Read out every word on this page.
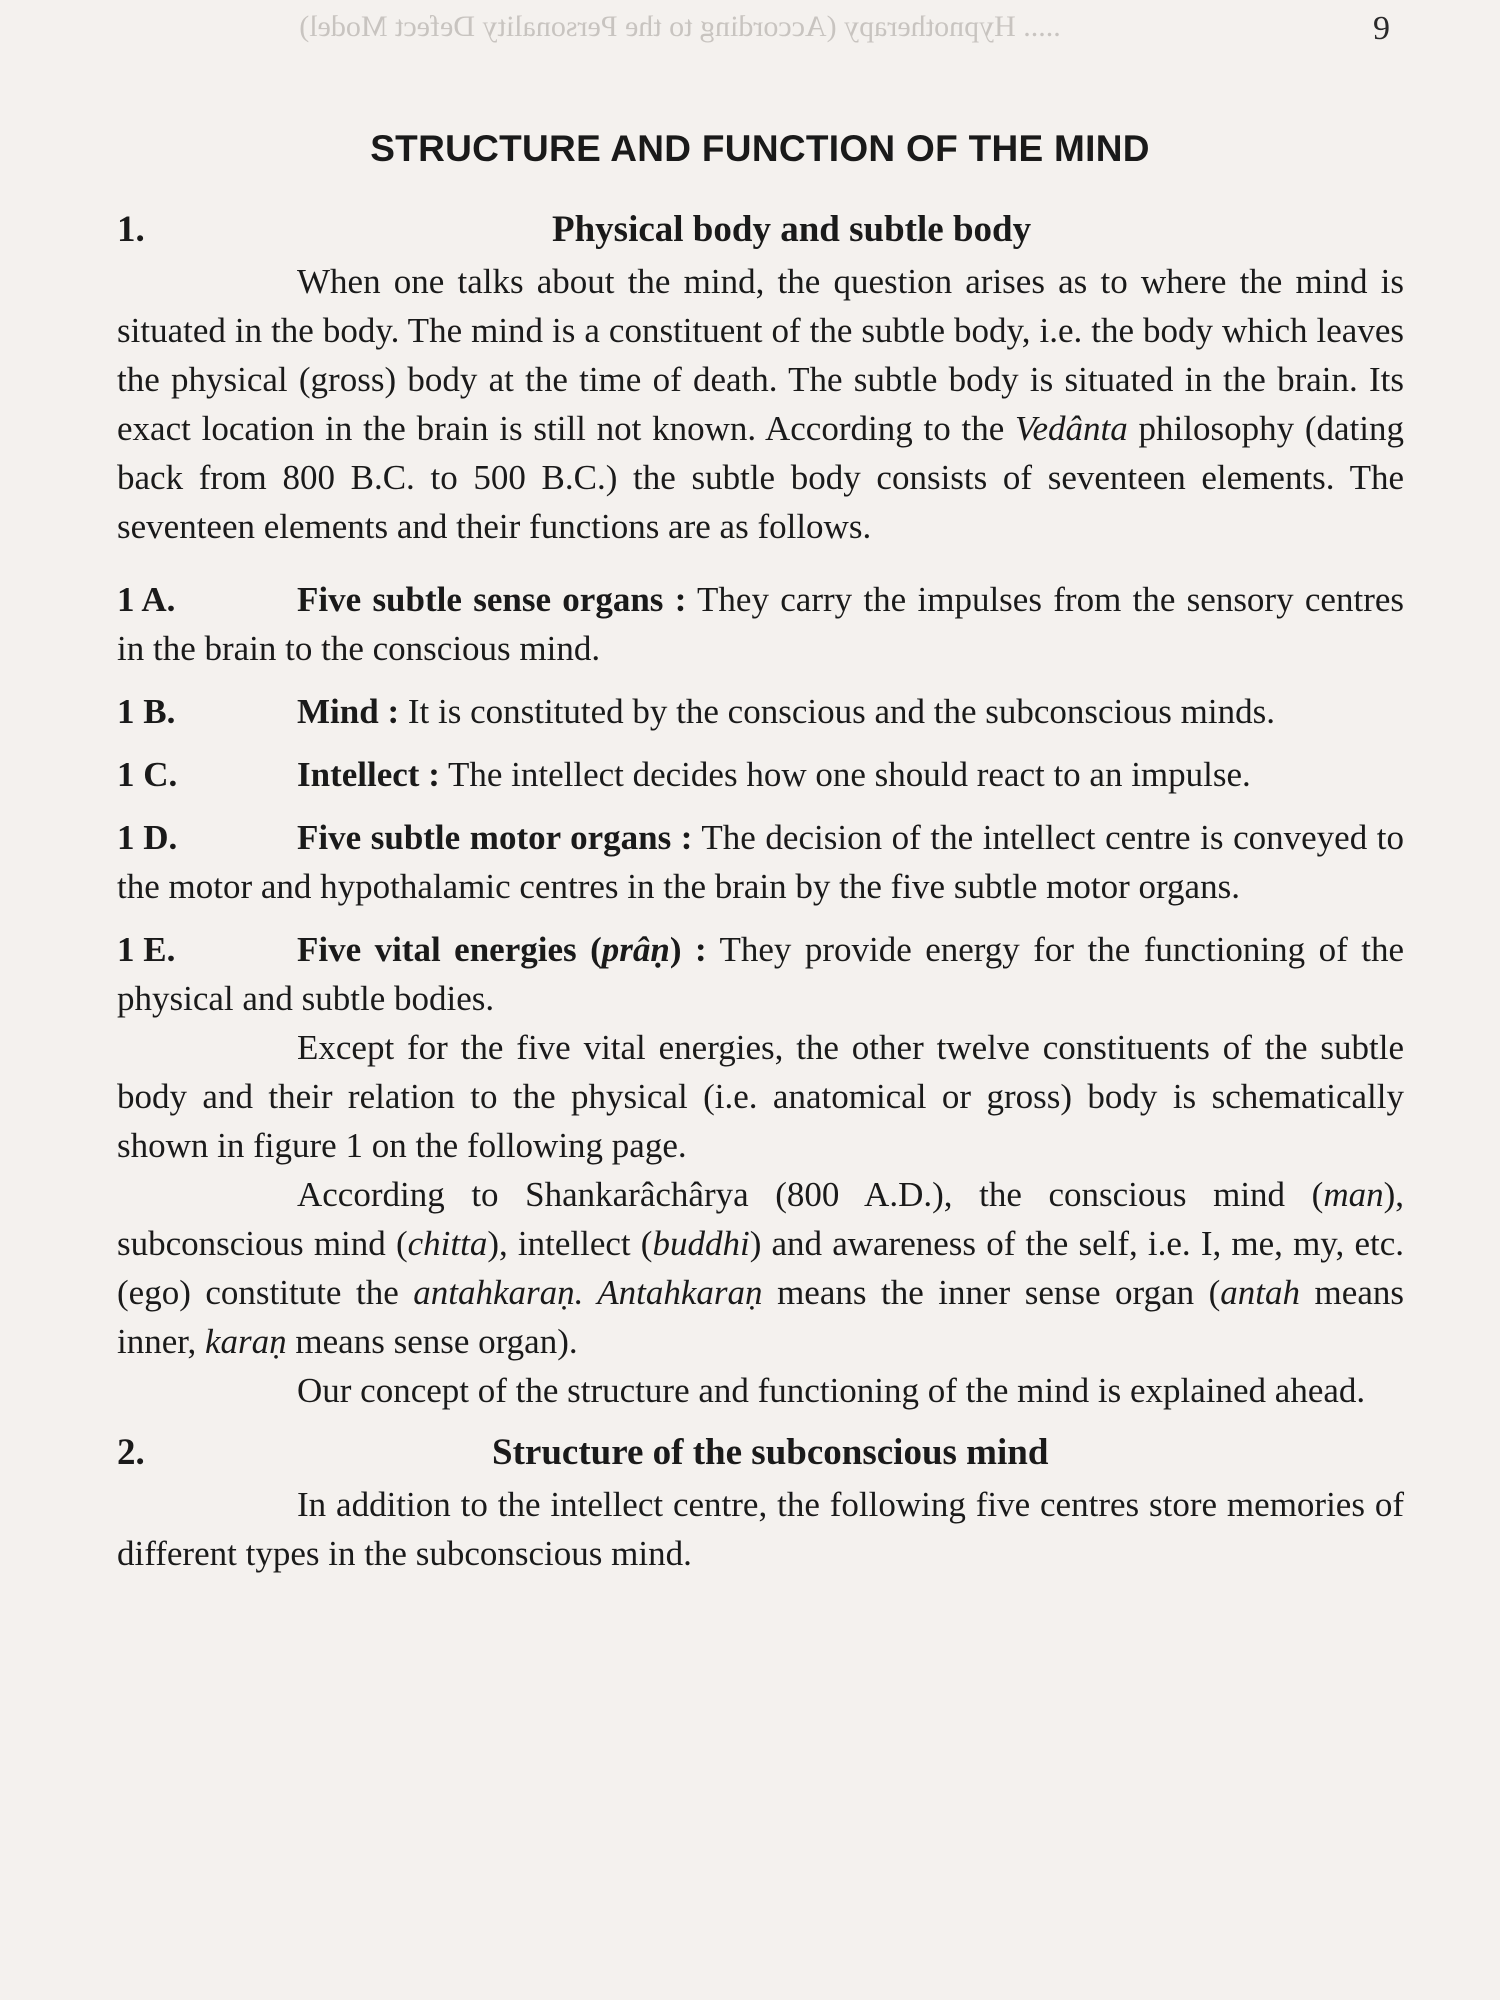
..... Hypnotherapy (According to the Personality Defect Model)	9
STRUCTURE AND FUNCTION OF THE MIND
1.	Physical body and subtle body

When one talks about the mind, the question arises as to where the mind is situated in the body. The mind is a constituent of the subtle body, i.e. the body which leaves the physical (gross) body at the time of death. The subtle body is situated in the brain. Its exact location in the brain is still not known. According to the Vedânta philosophy (dating back from 800 B.C. to 500 B.C.) the subtle body consists of seventeen elements. The seventeen elements and their functions are as follows.

1 A.	Five subtle sense organs : They carry the impulses from the sensory centres in the brain to the conscious mind.
1 B.	Mind : It is constituted by the conscious and the subconscious minds.
1 C.	Intellect : The intellect decides how one should react to an impulse.
1 D.	Five subtle motor organs : The decision of the intellect centre is conveyed to the motor and hypothalamic centres in the brain by the five subtle motor organs.
1 E.	Five vital energies (prâṇ) : They provide energy for the functioning of the physical and subtle bodies.

Except for the five vital energies, the other twelve constituents of the subtle body and their relation to the physical (i.e. anatomical or gross) body is schematically shown in figure 1 on the following page.

According to Shankarâchârya (800 A.D.), the conscious mind (man), subconscious mind (chitta), intellect (buddhi) and awareness of the self, i.e. I, me, my, etc. (ego) constitute the antahkaraṇ. Antahkaraṇ means the inner sense organ (antah means inner, karaṇ means sense organ).

Our concept of the structure and functioning of the mind is explained ahead.

2.	Structure of the subconscious mind

In addition to the intellect centre, the following five centres store memories of different types in the subconscious mind.
